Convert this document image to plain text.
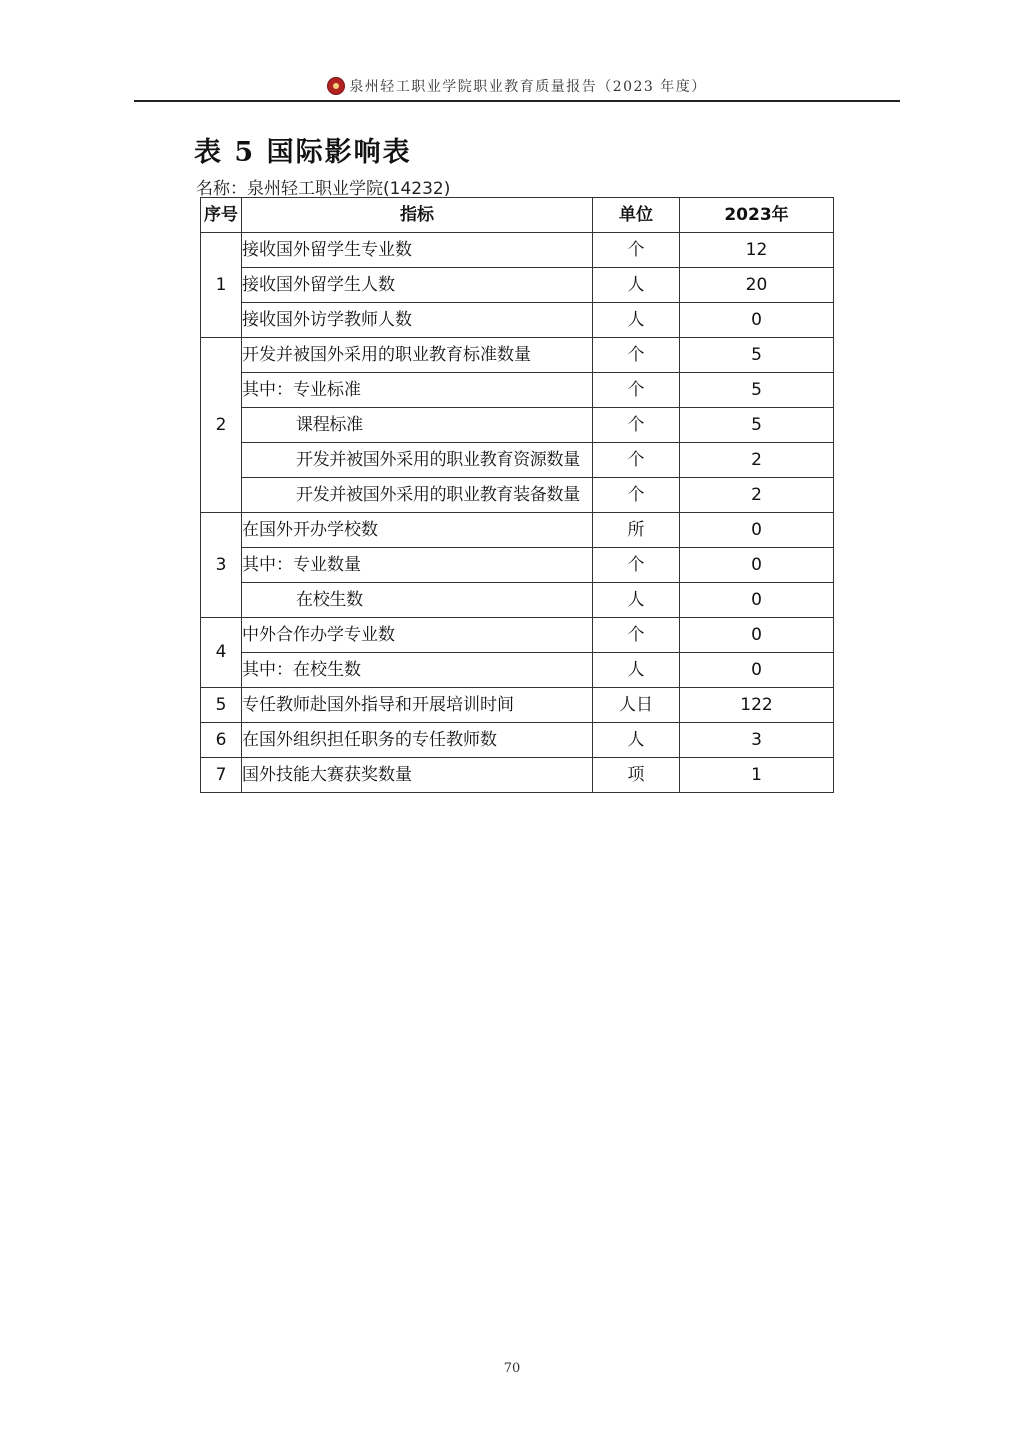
泉州轻工职业学院职业教育质量报告（2023 年度）
表 5 国际影响表
名称：泉州轻工职业学院(14232)
序号	指标	单位	2023年
1	接收国外留学生专业数	个	12
	接收国外留学生人数	人	20
	接收国外访学教师人数	人	0
2	开发并被国外采用的职业教育标准数量	个	5
	其中：专业标准	个	5
	课程标准	个	5
	开发并被国外采用的职业教育资源数量	个	2
	开发并被国外采用的职业教育装备数量	个	2
3	在国外开办学校数	所	0
	其中：专业数量	个	0
	在校生数	人	0
4	中外合作办学专业数	个	0
	其中：在校生数	人	0
5	专任教师赴国外指导和开展培训时间	人日	122
6	在国外组织担任职务的专任教师数	人	3
7	国外技能大赛获奖数量	项	1
70
